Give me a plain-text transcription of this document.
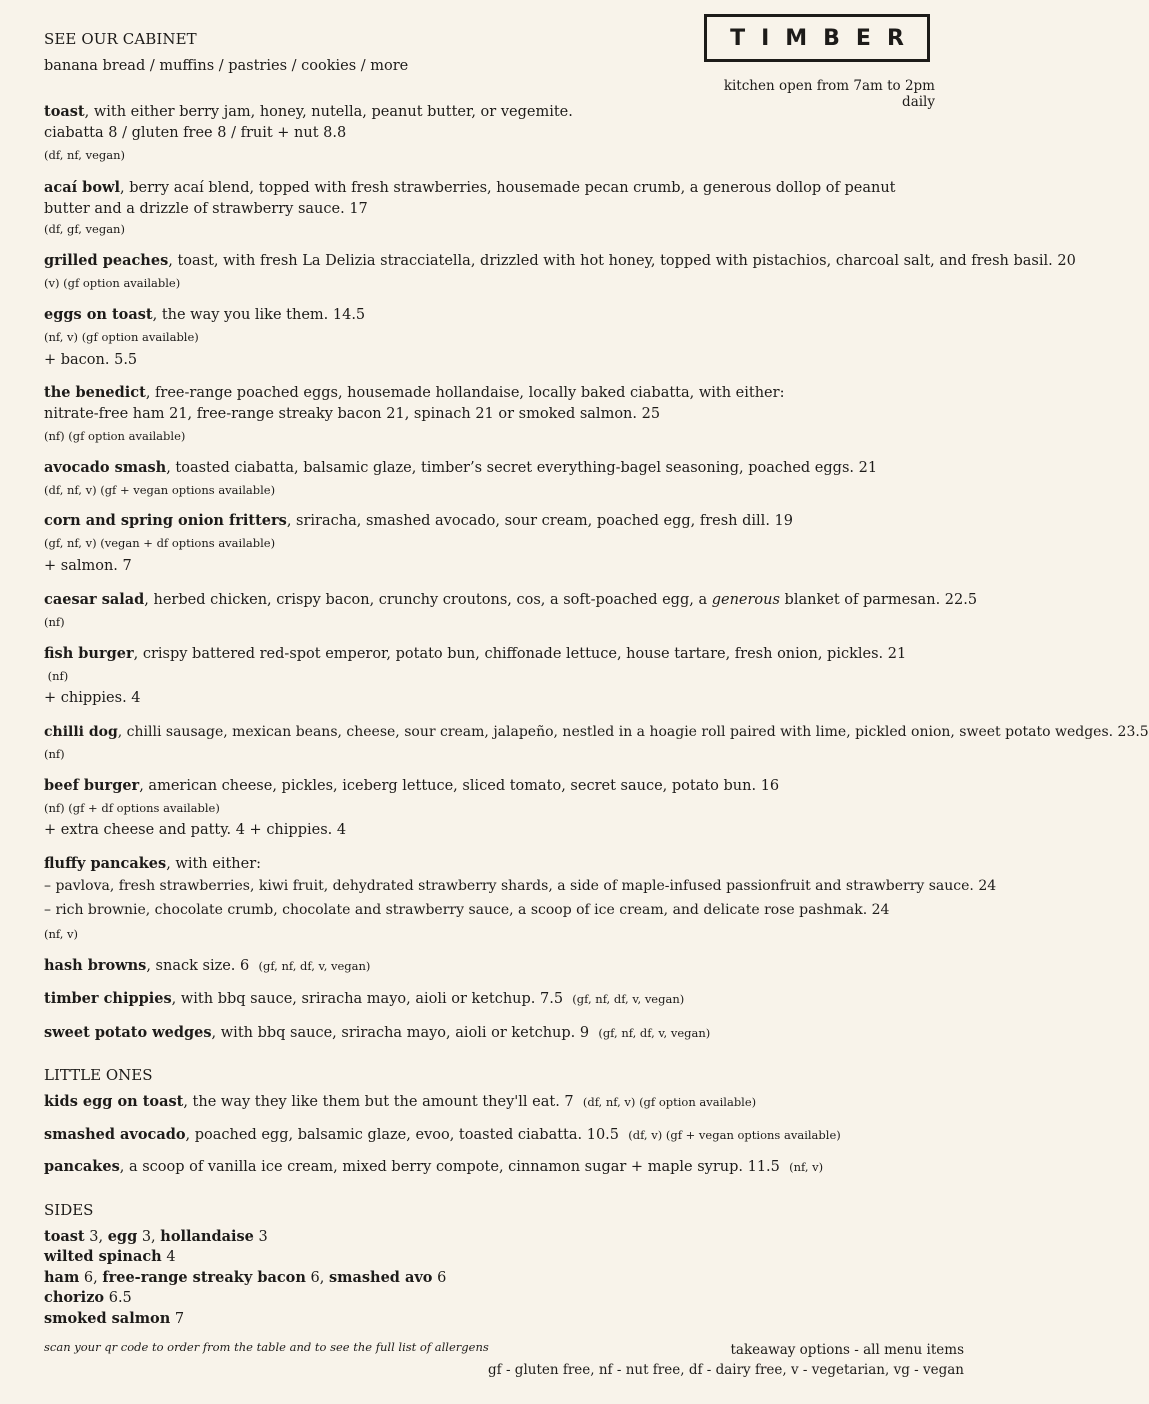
SEE OUR CABINET
banana bread / muffins / pastries / cookies / more
TIMBER
kitchen open from 7am to 2pm daily
toast, with either berry jam, honey, nutella, peanut butter, or vegemite.
ciabatta 8 / gluten free 8 / fruit + nut 8.8
(df, nf, vegan)
acaí bowl, berry acaí blend, topped with fresh strawberries, housemade pecan crumb, a generous dollop of peanut butter and a drizzle of strawberry sauce. 17
(df, gf, vegan)
grilled peaches, toast, with fresh La Delizia stracciatella, drizzled with hot honey, topped with pistachios, charcoal salt, and fresh basil. 20
(v) (gf option available)
eggs on toast, the way you like them. 14.5
(nf, v) (gf option available)
+ bacon. 5.5
the benedict, free-range poached eggs, housemade hollandaise, locally baked ciabatta, with either:
nitrate-free ham 21, free-range streaky bacon 21, spinach 21 or smoked salmon. 25
(nf) (gf option available)
avocado smash, toasted ciabatta, balsamic glaze, timber’s secret everything-bagel seasoning, poached eggs. 21
(df, nf, v) (gf + vegan options available)
corn and spring onion fritters, sriracha, smashed avocado, sour cream, poached egg, fresh dill. 19
(gf, nf, v) (vegan + df options available)
+ salmon. 7
caesar salad, herbed chicken, crispy bacon, crunchy croutons, cos, a soft-poached egg, a generous blanket of parmesan. 22.5
(nf)
fish burger, crispy battered red-spot emperor, potato bun, chiffonade lettuce, house tartare, fresh onion, pickles. 21
(nf)
+ chippies. 4
chilli dog, chilli sausage, mexican beans, cheese, sour cream, jalapeño, nestled in a hoagie roll paired with lime, pickled onion, sweet potato wedges. 23.5
(nf)
beef burger, american cheese, pickles, iceberg lettuce, sliced tomato, secret sauce, potato bun. 16
(nf) (gf + df options available)
+ extra cheese and patty. 4 + chippies. 4
fluffy pancakes, with either:
– pavlova, fresh strawberries, kiwi fruit, dehydrated strawberry shards, a side of maple-infused passionfruit and strawberry sauce. 24
– rich brownie, chocolate crumb, chocolate and strawberry sauce, a scoop of ice cream, and delicate rose pashmak. 24
(nf, v)
hash browns, snack size. 6  (gf, nf, df, v, vegan)
timber chippies, with bbq sauce, sriracha mayo, aioli or ketchup. 7.5  (gf, nf, df, v, vegan)
sweet potato wedges, with bbq sauce, sriracha mayo, aioli or ketchup. 9  (gf, nf, df, v, vegan)
LITTLE ONES
kids egg on toast, the way they like them but the amount they'll eat. 7  (df, nf, v) (gf option available)
smashed avocado, poached egg, balsamic glaze, evoo, toasted ciabatta. 10.5  (df, v) (gf + vegan options available)
pancakes, a scoop of vanilla ice cream, mixed berry compote, cinnamon sugar + maple syrup. 11.5  (nf, v)
SIDES
toast 3, egg 3, hollandaise 3
wilted spinach 4
ham 6, free-range streaky bacon 6, smashed avo 6
chorizo 6.5
smoked salmon 7
scan your qr code to order from the table and to see the full list of allergens	takeaway options - all menu items
gf - gluten free, nf - nut free, df - dairy free, v - vegetarian, vg - vegan
